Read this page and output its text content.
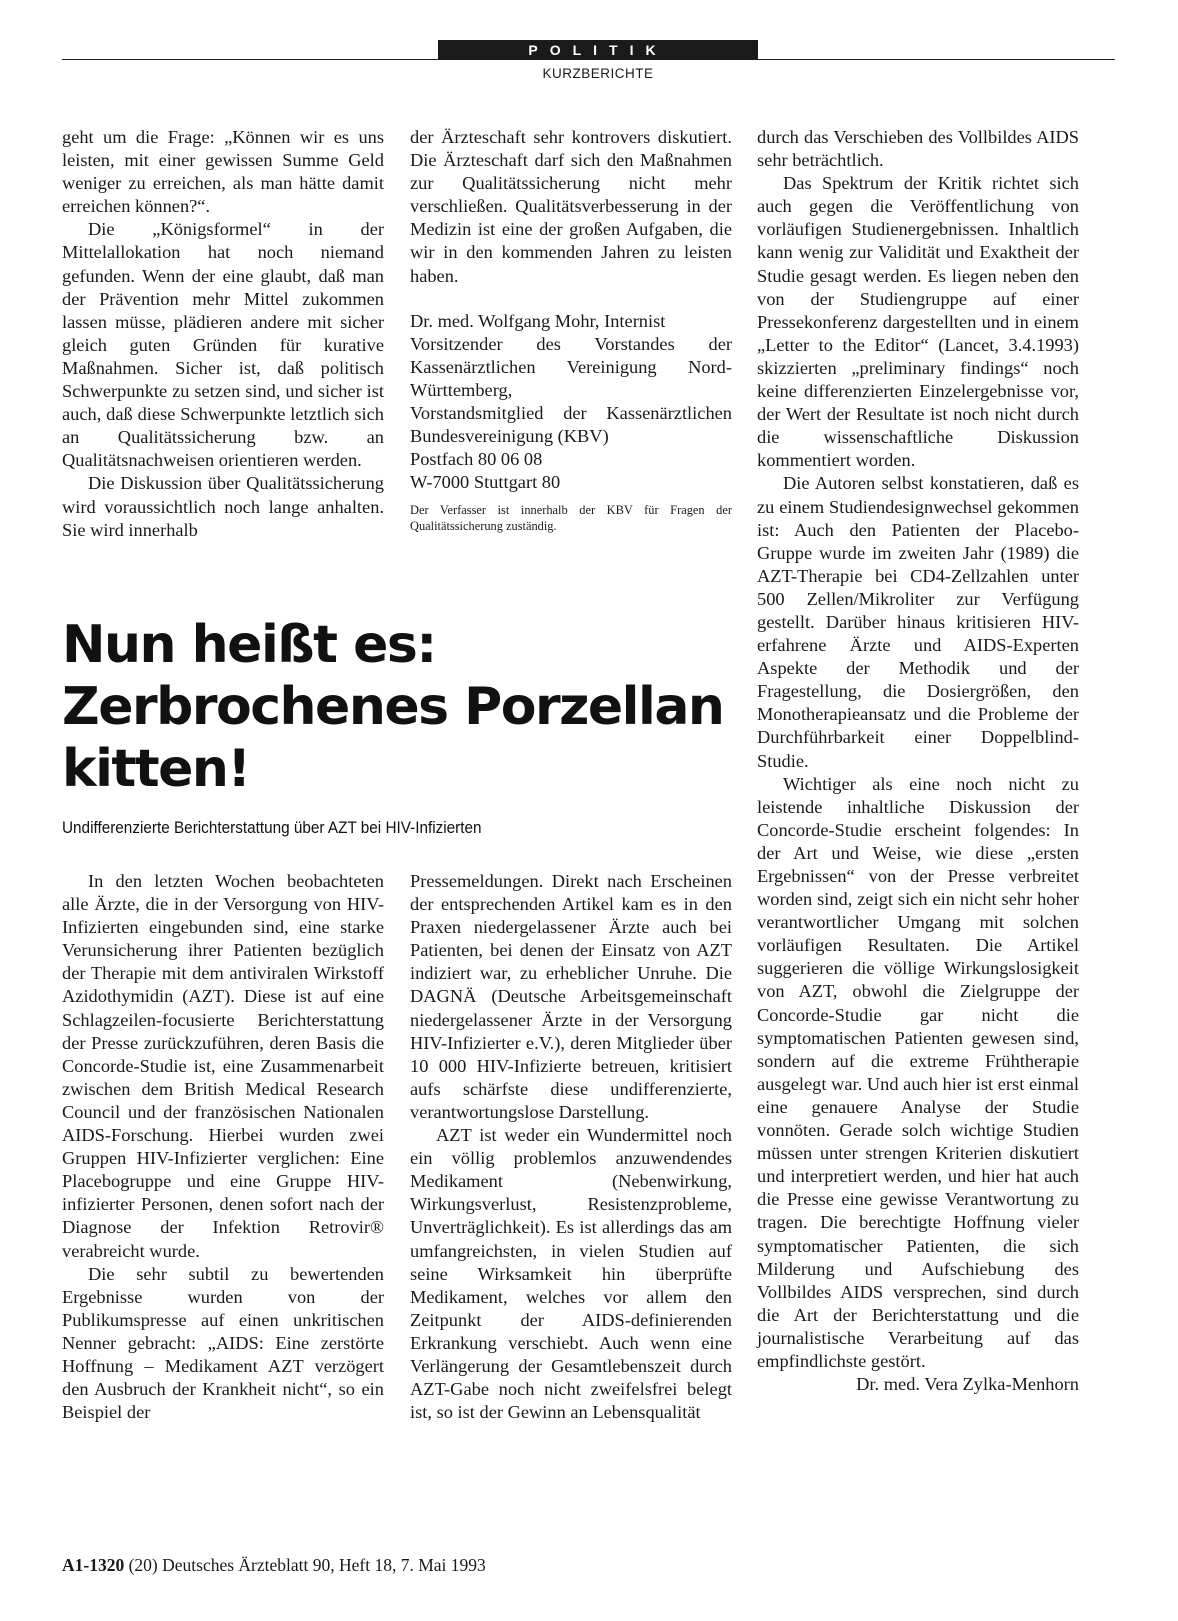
POLITIK
KURZBERICHTE

geht um die Frage: „Können wir es uns leisten, mit einer gewissen Summe Geld weniger zu erreichen, als man hätte damit erreichen können?“.

Die „Königsformel“ in der Mittelallokation hat noch niemand gefunden. Wenn der eine glaubt, daß man der Prävention mehr Mittel zukommen lassen müsse, plädieren andere mit sicher gleich guten Gründen für kurative Maßnahmen. Sicher ist, daß politisch Schwerpunkte zu setzen sind, und sicher ist auch, daß diese Schwerpunkte letztlich sich an Qualitätssicherung bzw. an Qualitätsnachweisen orientieren werden.

Die Diskussion über Qualitätssicherung wird voraussichtlich noch lange anhalten. Sie wird innerhalb

der Ärzteschaft sehr kontrovers diskutiert. Die Ärzteschaft darf sich den Maßnahmen zur Qualitätssicherung nicht mehr verschließen. Qualitätsverbesserung in der Medizin ist eine der großen Aufgaben, die wir in den kommenden Jahren zu leisten haben.

Dr. med. Wolfgang Mohr, Internist

Vorsitzender des Vorstandes der Kassenärztlichen Vereinigung Nord-Württemberg,

Vorstandsmitglied der Kassenärztlichen Bundesvereinigung (KBV)

Postfach 80 06 08

W-7000 Stuttgart 80

Der Verfasser ist innerhalb der KBV für Fragen der Qualitätssicherung zuständig.

Nun heißt es:
Zerbrochenes Porzellan
kitten!
Undifferenzierte Berichterstattung über AZT bei HIV-Infizierten

In den letzten Wochen beobachteten alle Ärzte, die in der Versorgung von HIV-Infizierten eingebunden sind, eine starke Verunsicherung ihrer Patienten bezüglich der Therapie mit dem antiviralen Wirkstoff Azidothymidin (AZT). Diese ist auf eine Schlagzeilen-focusierte Berichterstattung der Presse zurückzuführen, deren Basis die Concorde-Studie ist, eine Zusammenarbeit zwischen dem British Medical Research Council und der französischen Nationalen AIDS-Forschung. Hierbei wurden zwei Gruppen HIV-Infizierter verglichen: Eine Placebogruppe und eine Gruppe HIV-infizierter Personen, denen sofort nach der Diagnose der Infektion Retrovir® verabreicht wurde.

Die sehr subtil zu bewertenden Ergebnisse wurden von der Publikumspresse auf einen unkritischen Nenner gebracht: „AIDS: Eine zerstörte Hoffnung – Medikament AZT verzögert den Ausbruch der Krankheit nicht“, so ein Beispiel der

Pressemeldungen. Direkt nach Erscheinen der entsprechenden Artikel kam es in den Praxen niedergelassener Ärzte auch bei Patienten, bei denen der Einsatz von AZT indiziert war, zu erheblicher Unruhe. Die DAGNÄ (Deutsche Arbeitsgemeinschaft niedergelassener Ärzte in der Versorgung HIV-Infizierter e.V.), deren Mitglieder über 10 000 HIV-Infizierte betreuen, kritisiert aufs schärfste diese undifferenzierte, verantwortungslose Darstellung.

AZT ist weder ein Wundermittel noch ein völlig problemlos anzuwendendes Medikament (Nebenwirkung, Wirkungsverlust, Resistenzprobleme, Unverträglichkeit). Es ist allerdings das am umfangreichsten, in vielen Studien auf seine Wirksamkeit hin überprüfte Medikament, welches vor allem den Zeitpunkt der AIDS-definierenden Erkrankung verschiebt. Auch wenn eine Verlängerung der Gesamtlebenszeit durch AZT-Gabe noch nicht zweifelsfrei belegt ist, so ist der Gewinn an Lebensqualität

durch das Verschieben des Vollbildes AIDS sehr beträchtlich.

Das Spektrum der Kritik richtet sich auch gegen die Veröffentlichung von vorläufigen Studienergebnissen. Inhaltlich kann wenig zur Validität und Exaktheit der Studie gesagt werden. Es liegen neben den von der Studiengruppe auf einer Pressekonferenz dargestellten und in einem „Letter to the Editor“ (Lancet, 3.4.1993) skizzierten „preliminary findings“ noch keine differenzierten Einzelergebnisse vor, der Wert der Resultate ist noch nicht durch die wissenschaftliche Diskussion kommentiert worden.

Die Autoren selbst konstatieren, daß es zu einem Studiendesignwechsel gekommen ist: Auch den Patienten der Placebo-Gruppe wurde im zweiten Jahr (1989) die AZT-Therapie bei CD4-Zellzahlen unter 500 Zellen/Mikroliter zur Verfügung gestellt. Darüber hinaus kritisieren HIV-erfahrene Ärzte und AIDS-Experten Aspekte der Methodik und der Fragestellung, die Dosiergrößen, den Monotherapieansatz und die Probleme der Durchführbarkeit einer Doppelblind-Studie.

Wichtiger als eine noch nicht zu leistende inhaltliche Diskussion der Concorde-Studie erscheint folgendes: In der Art und Weise, wie diese „ersten Ergebnissen“ von der Presse verbreitet worden sind, zeigt sich ein nicht sehr hoher verantwortlicher Umgang mit solchen vorläufigen Resultaten. Die Artikel suggerieren die völlige Wirkungslosigkeit von AZT, obwohl die Zielgruppe der Concorde-Studie gar nicht die symptomatischen Patienten gewesen sind, sondern auf die extreme Frühtherapie ausgelegt war. Und auch hier ist erst einmal eine genauere Analyse der Studie vonnöten. Gerade solch wichtige Studien müssen unter strengen Kriterien diskutiert und interpretiert werden, und hier hat auch die Presse eine gewisse Verantwortung zu tragen. Die berechtigte Hoffnung vieler symptomatischer Patienten, die sich Milderung und Aufschiebung des Vollbildes AIDS versprechen, sind durch die Art der Berichterstattung und die journalistische Verarbeitung auf das empfindlichste gestört.

Dr. med. Vera Zylka-Menhorn

A1-1320 (20) Deutsches Ärzteblatt 90, Heft 18, 7. Mai 1993
